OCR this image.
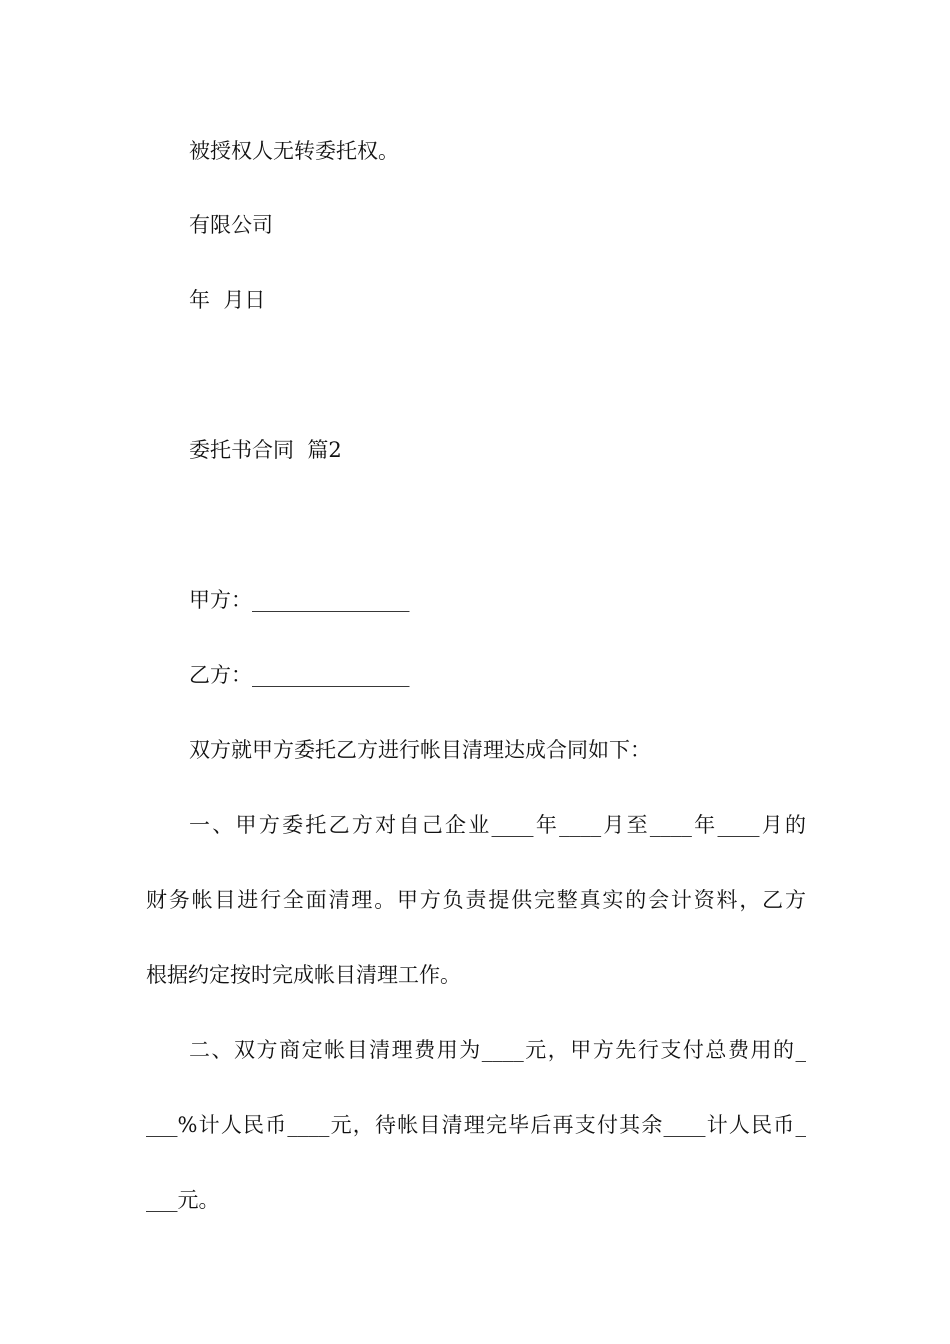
被授权人无转委托权。
有限公司
年  月日
委托书合同  篇2
甲方：_______________
乙方：_______________
双方就甲方委托乙方进行帐目清理达成合同如下：
一、甲方委托乙方对自己企业____年____月至____年____月的
财务帐目进行全面清理。甲方负责提供完整真实的会计资料，乙方
根据约定按时完成帐目清理工作。
二、双方商定帐目清理费用为____元，甲方先行支付总费用的_
___%计人民币____元，待帐目清理完毕后再支付其余____计人民币_
___元。
